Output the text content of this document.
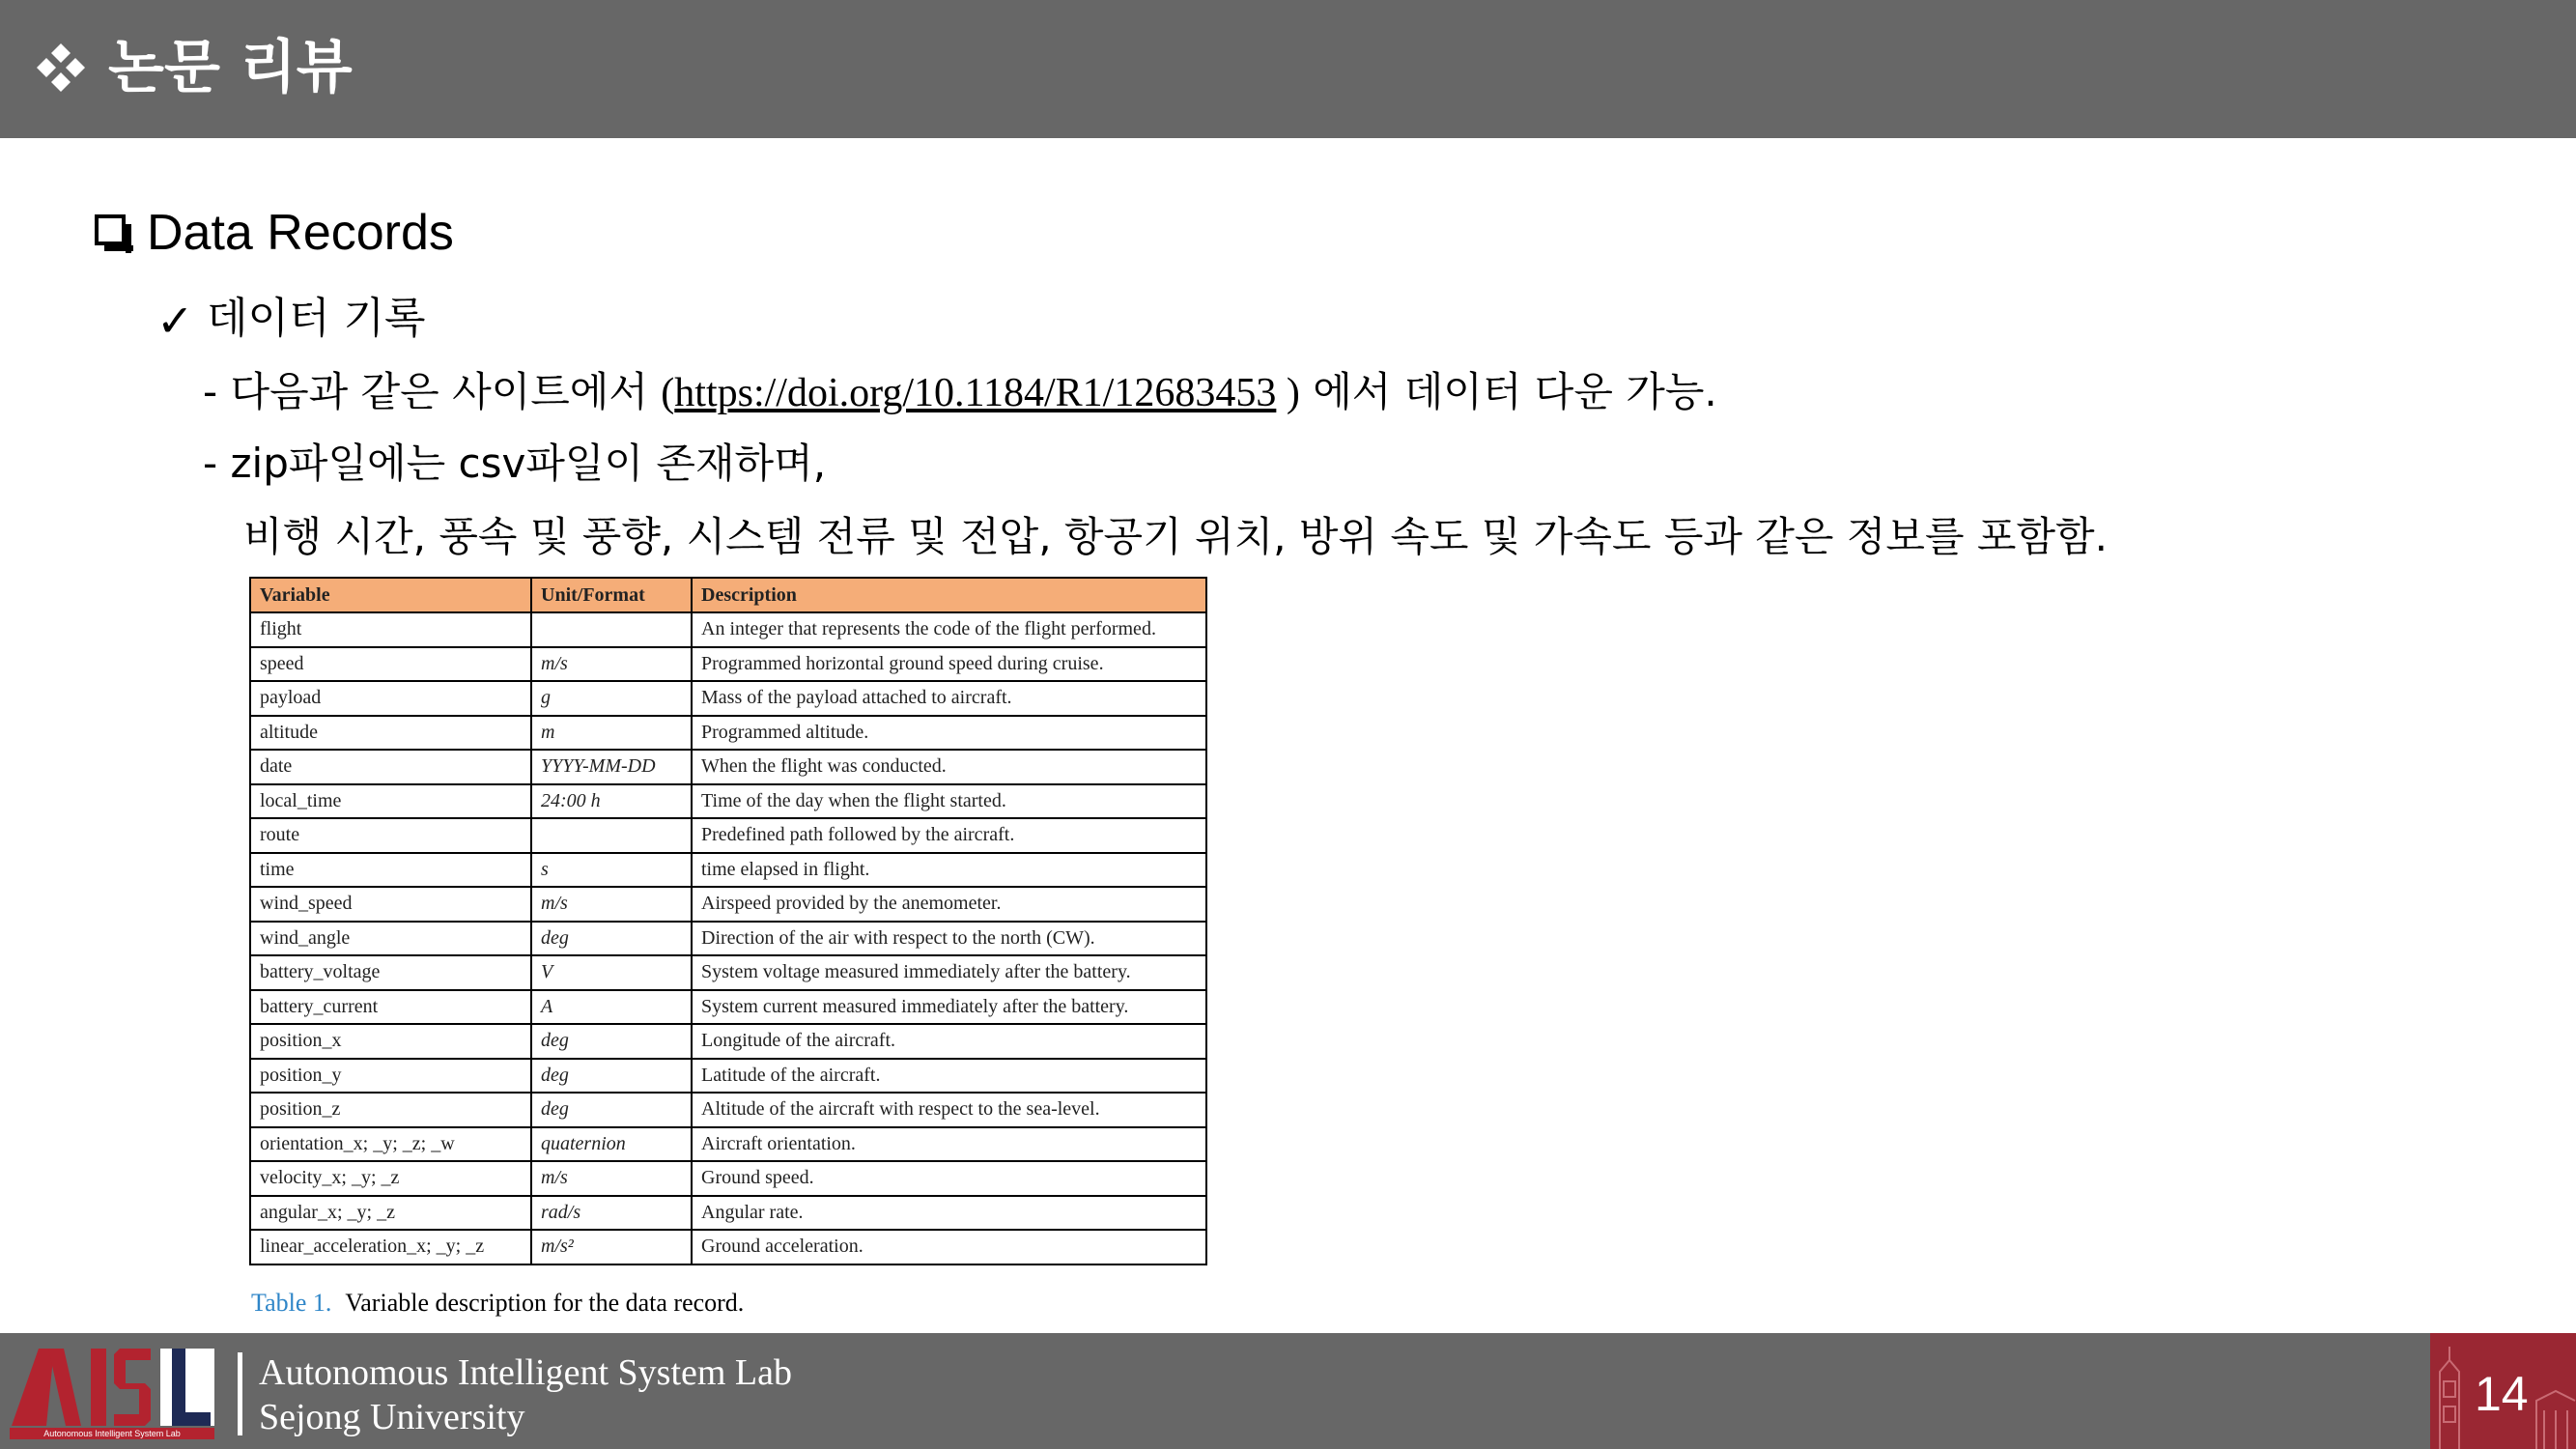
논문 리뷰
Data Records
✓ 데이터 기록
- 다음과 같은 사이트에서 (https://doi.org/10.1184/R1/12683453 ) 에서 데이터 다운 가능.
- zip파일에는 csv파일이 존재하며,
비행 시간, 풍속 및 풍향, 시스템 전류 및 전압, 항공기 위치, 방위 속도 및 가속도 등과 같은 정보를 포함함.
Variable	Unit/Format	Description
flight		An integer that represents the code of the flight performed.
speed	m/s	Programmed horizontal ground speed during cruise.
payload	g	Mass of the payload attached to aircraft.
altitude	m	Programmed altitude.
date	YYYY-MM-DD	When the flight was conducted.
local_time	24:00 h	Time of the day when the flight started.
route		Predefined path followed by the aircraft.
time	s	time elapsed in flight.
wind_speed	m/s	Airspeed provided by the anemometer.
wind_angle	deg	Direction of the air with respect to the north (CW).
battery_voltage	V	System voltage measured immediately after the battery.
battery_current	A	System current measured immediately after the battery.
position_x	deg	Longitude of the aircraft.
position_y	deg	Latitude of the aircraft.
position_z	deg	Altitude of the aircraft with respect to the sea-level.
orientation_x; _y; _z; _w	quaternion	Aircraft orientation.
velocity_x; _y; _z	m/s	Ground speed.
angular_x; _y; _z	rad/s	Angular rate.
linear_acceleration_x; _y; _z	m/s²	Ground acceleration.
Table 1. Variable description for the data record.
Autonomous Intelligent System Lab
Autonomous Intelligent System Lab
Sejong University	14
